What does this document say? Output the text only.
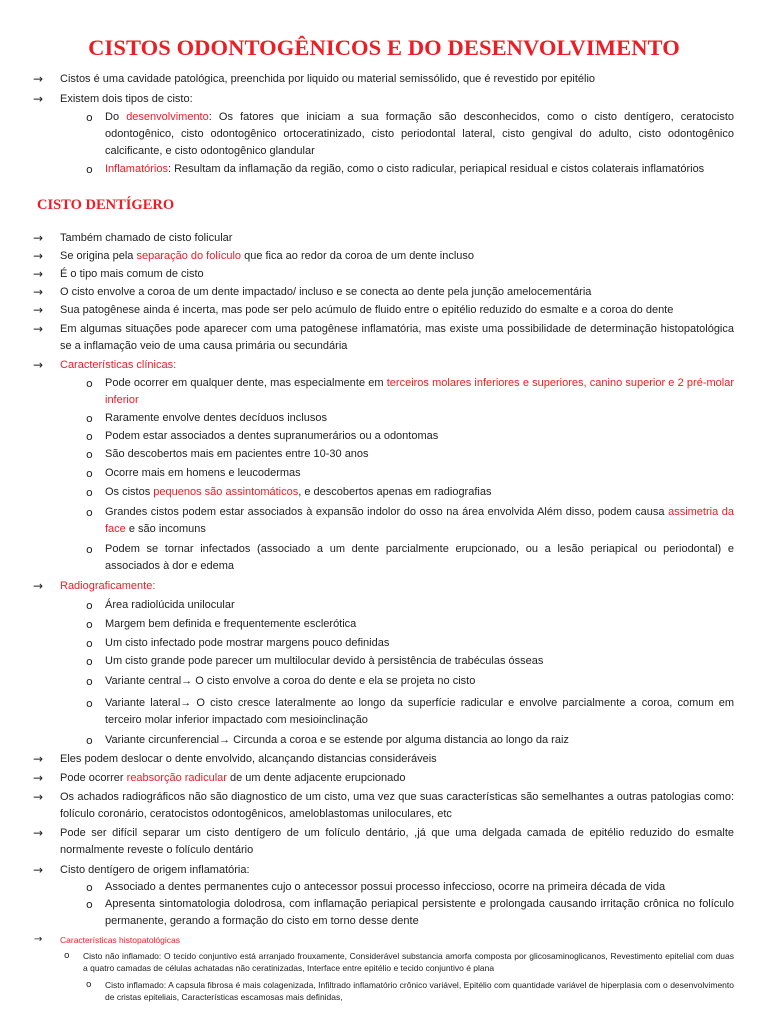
CISTOS ODONTOGÊNICOS E DO DESENVOLVIMENTO
→ Cistos é uma cavidade patológica, preenchida por liquido ou material semissólido, que é revestido por epitélio
→ Existem dois tipos de cisto:
o Do desenvolvimento: Os fatores que iniciam a sua formação são desconhecidos, como o cisto dentígero, ceratocisto odontogênico, cisto odontogênico ortoceratinizado, cisto periodontal lateral, cisto gengival do adulto, cisto odontogênico calcificante, e cisto odontogênico glandular
o Inflamatórios: Resultam da inflamação da região, como o cisto radicular, periapical residual e cistos colaterais inflamatórios
CISTO DENTÍGERO
→ Também chamado de cisto folicular
→ Se origina pela separação do folículo que fica ao redor da coroa de um dente incluso
→ É o tipo mais comum de cisto
→ O cisto envolve a coroa de um dente impactado/ incluso e se conecta ao dente pela junção amelocementária
→ Sua patogênese ainda é incerta, mas pode ser pelo acúmulo de fluido entre o epitélio reduzido do esmalte e a coroa do dente
→ Em algumas situações pode aparecer com uma patogênese inflamatória, mas existe uma possibilidade de determinação histopatológica se a inflamação veio de uma causa primária ou secundária
→ Características clínicas:
o Pode ocorrer em qualquer dente, mas especialmente em terceiros molares inferiores e superiores, canino superior e 2 pré-molar inferior
o Raramente envolve dentes decíduos inclusos
o Podem estar associados a dentes supranumerários ou a odontomas
o São descobertos mais em pacientes entre 10-30 anos
o Ocorre mais em homens e leucodermas
o Os cistos pequenos são assintomáticos, e descobertos apenas em radiografias
o Grandes cistos podem estar associados à expansão indolor do osso na área envolvida Além disso, podem causa assimetria da face e são incomuns
o Podem se tornar infectados (associado a um dente parcialmente erupcionado, ou a lesão periapical ou periodontal) e associados à dor e edema
→ Radiograficamente:
o Área radiolúcida unilocular
o Margem bem definida e frequentemente esclerótica
o Um cisto infectado pode mostrar margens pouco definidas
o Um cisto grande pode parecer um multilocular devido à persistência de trabéculas ósseas
o Variante central→ O cisto envolve a coroa do dente e ela se projeta no cisto
o Variante lateral→ O cisto cresce lateralmente ao longo da superfície radicular e envolve parcialmente a coroa, comum em terceiro molar inferior impactado com mesioinclinação
o Variante circunferencial→ Circunda a coroa e se estende por alguma distancia ao longo da raiz
→ Eles podem deslocar o dente envolvido, alcançando distancias consideráveis
→ Pode ocorrer reabsorção radicular de um dente adjacente erupcionado
→ Os achados radiográficos não são diagnostico de um cisto, uma vez que suas características são semelhantes a outras patologias como: folículo coronário, ceratocistos odontogênicos, ameloblastomas uniloculares, etc
→ Pode ser difícil separar um cisto dentígero de um folículo dentário, ,já que uma delgada camada de epitélio reduzido do esmalte normalmente reveste o folículo dentário
→ Cisto dentígero de origem inflamatória:
o Associado a dentes permanentes cujo o antecessor possui processo infeccioso, ocorre na primeira década de vida
o Apresenta sintomatologia dolodrosa, com inflamação periapical persistente e prolongada causando irritação crônica no folículo permanente, gerando a formação do cisto em torno desse dente
→ Características histopatológicas
o Cisto não inflamado: O tecido conjuntivo está arranjado frouxamente, Considerável substancia amorfa composta por glicosaminoglicanos, Revestimento epitelial com duas a quatro camadas de células achatadas não ceratinizadas, Interface entre epitélio e tecido conjuntivo é plana
o Cisto inflamado: A capsula fibrosa é mais colagenizada, Infiltrado inflamatório crônico variável, Epitélio com quantidade variável de hiperplasia com o desenvolvimento de cristas epiteliais, Características escamosas mais definidas,
